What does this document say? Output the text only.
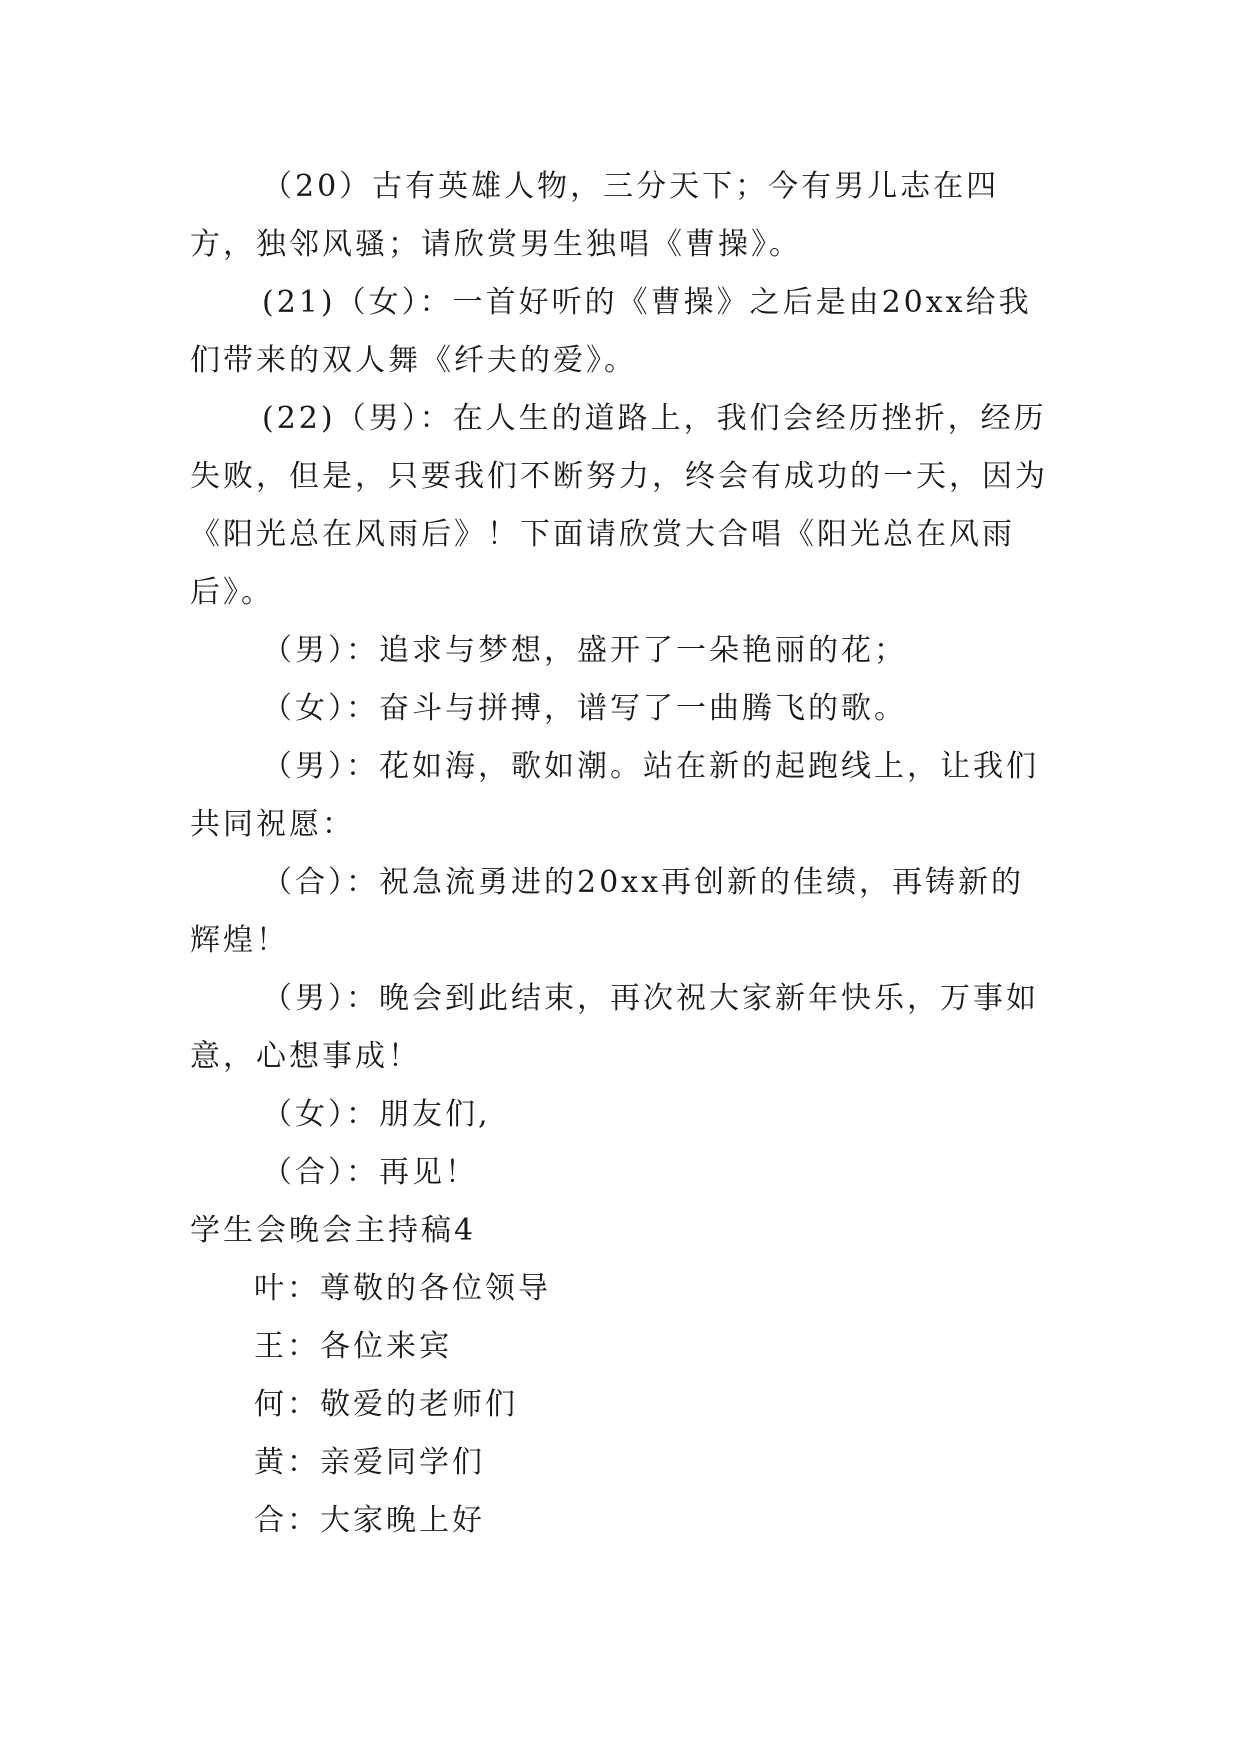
（20）古有英雄人物，三分天下；今有男儿志在四方，独邻风骚；请欣赏男生独唱《曹操》。

(21)（女）：一首好听的《曹操》之后是由20xx给我们带来的双人舞《纤夫的爱》。

(22)（男）：在人生的道路上，我们会经历挫折，经历失败，但是，只要我们不断努力，终会有成功的一天，因为《阳光总在风雨后》！下面请欣赏大合唱《阳光总在风雨后》。

（男）：追求与梦想，盛开了一朵艳丽的花；

（女）：奋斗与拼搏，谱写了一曲腾飞的歌。

（男）：花如海，歌如潮。站在新的起跑线上，让我们共同祝愿：

（合）：祝急流勇进的20xx再创新的佳绩，再铸新的辉煌！

（男）：晚会到此结束，再次祝大家新年快乐，万事如意，心想事成！

（女）：朋友们,

（合）：再见！

学生会晚会主持稿4

叶：尊敬的各位领导

王：各位来宾

何：敬爱的老师们

黄：亲爱同学们

合：大家晚上好
